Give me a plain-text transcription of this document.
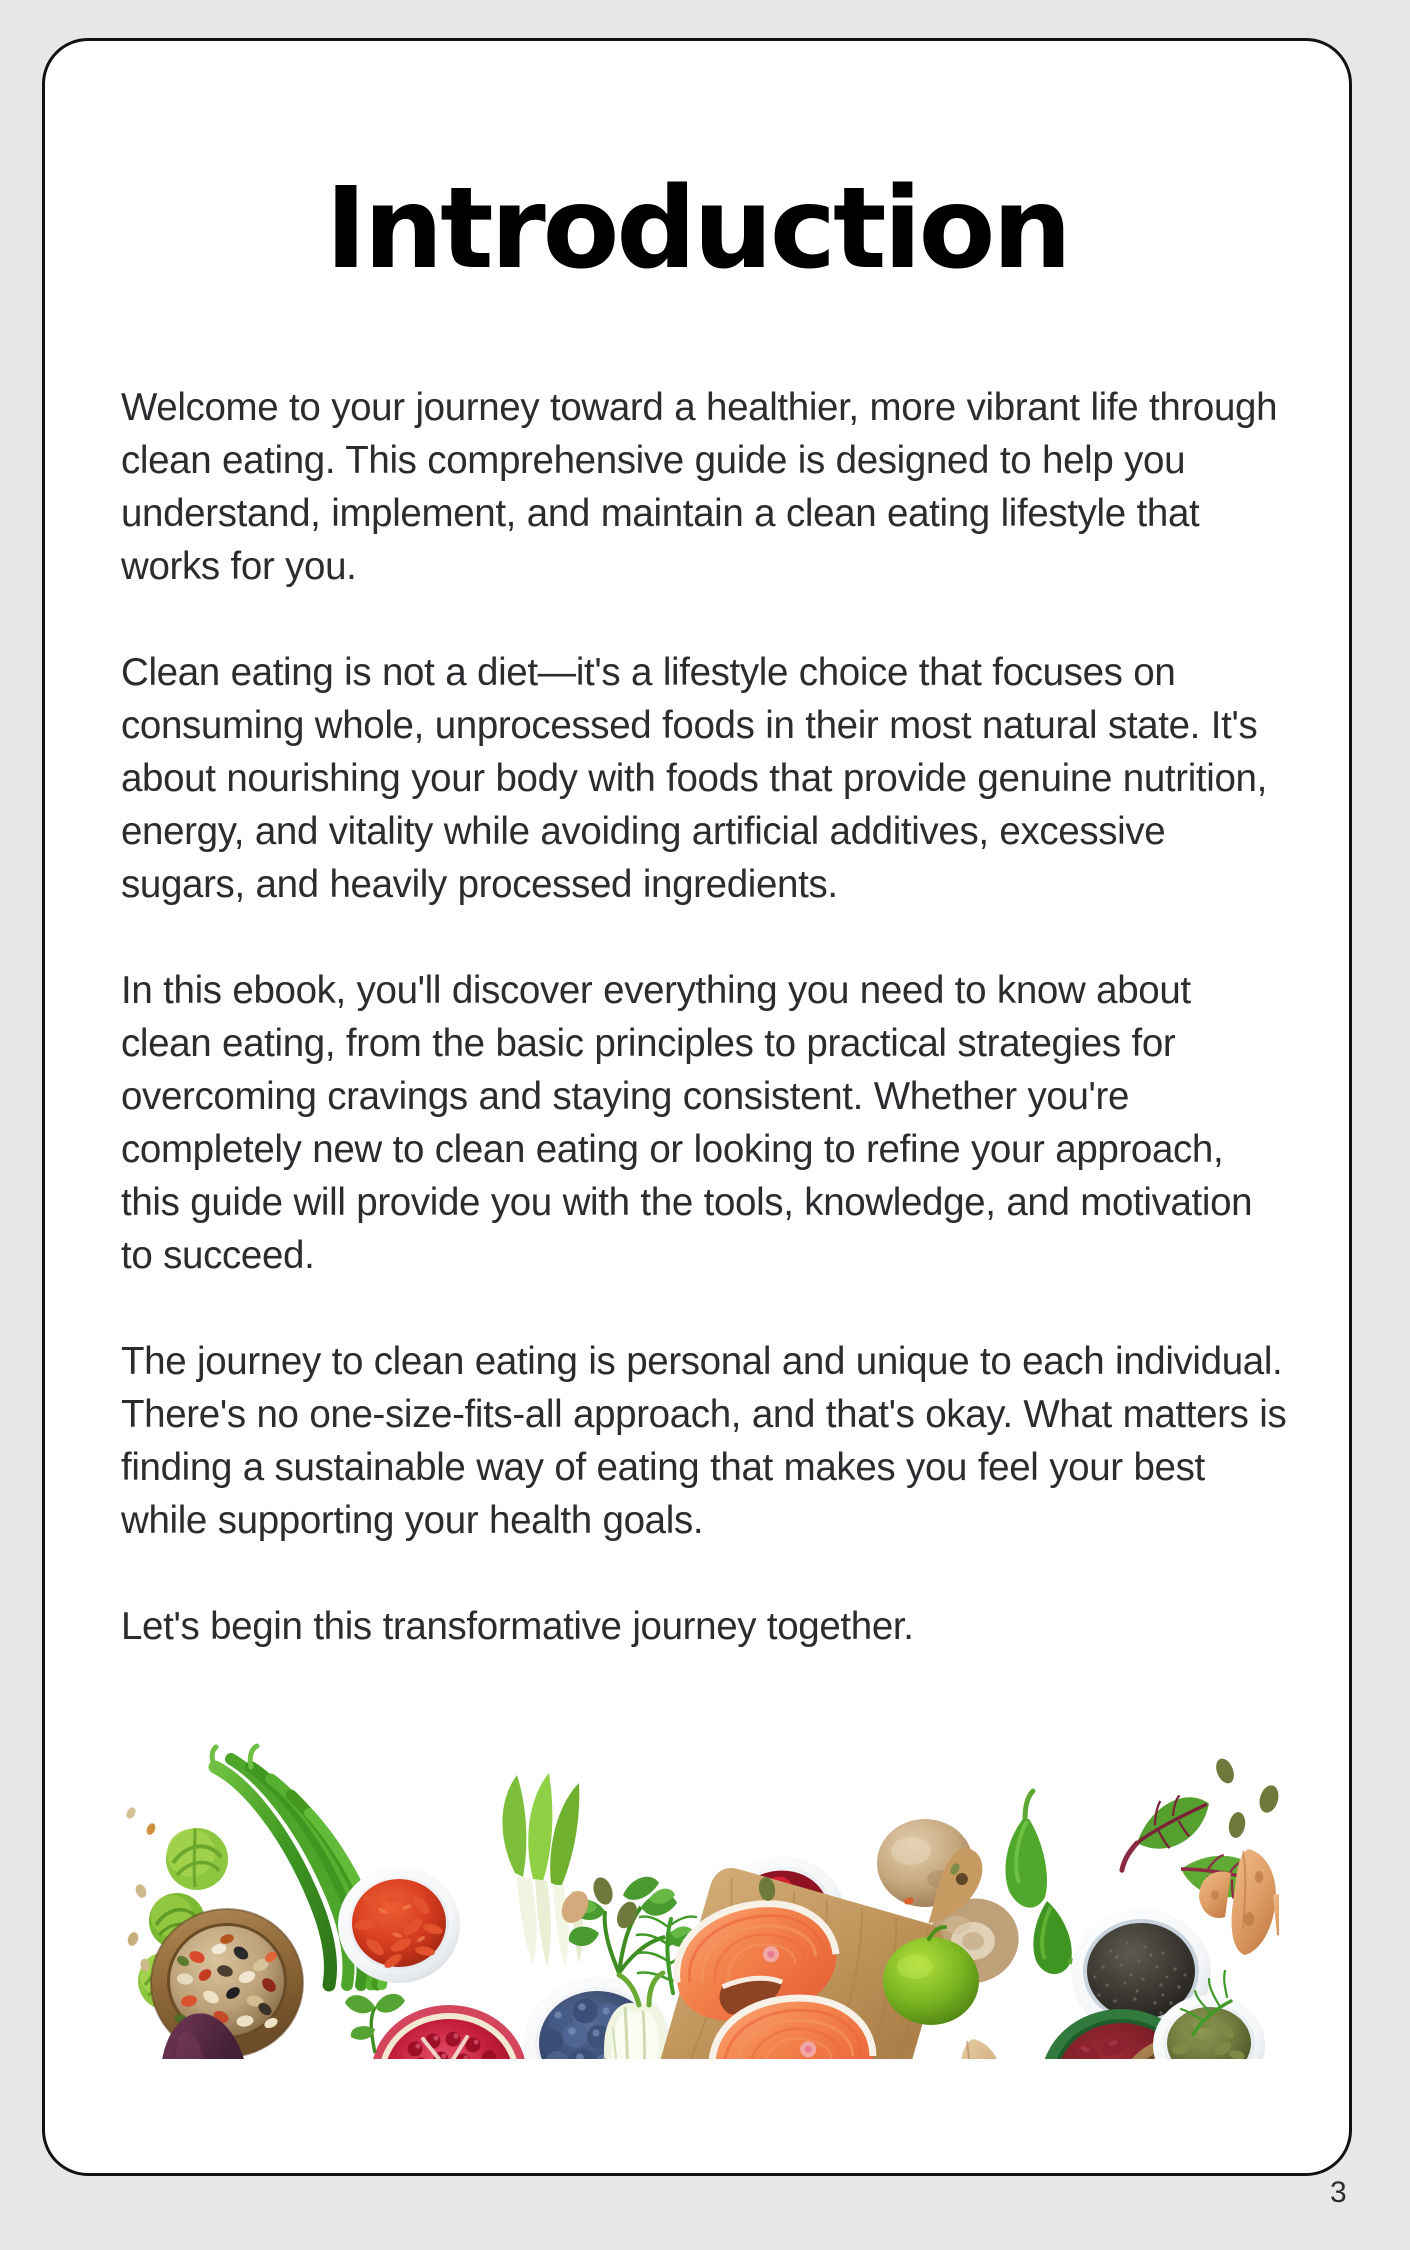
Introduction

Welcome to your journey toward a healthier, more vibrant life through clean eating. This comprehensive guide is designed to help you understand, implement, and maintain a clean eating lifestyle that works for you.

Clean eating is not a diet—it's a lifestyle choice that focuses on consuming whole, unprocessed foods in their most natural state. It's about nourishing your body with foods that provide genuine nutrition, energy, and vitality while avoiding artificial additives, excessive sugars, and heavily processed ingredients.

In this ebook, you'll discover everything you need to know about clean eating, from the basic principles to practical strategies for overcoming cravings and staying consistent. Whether you're completely new to clean eating or looking to refine your approach, this guide will provide you with the tools, knowledge, and motivation to succeed.

The journey to clean eating is personal and unique to each individual. There's no one-size-fits-all approach, and that's okay. What matters is finding a sustainable way of eating that makes you feel your best while supporting your health goals.

Let's begin this transformative journey together.

3
